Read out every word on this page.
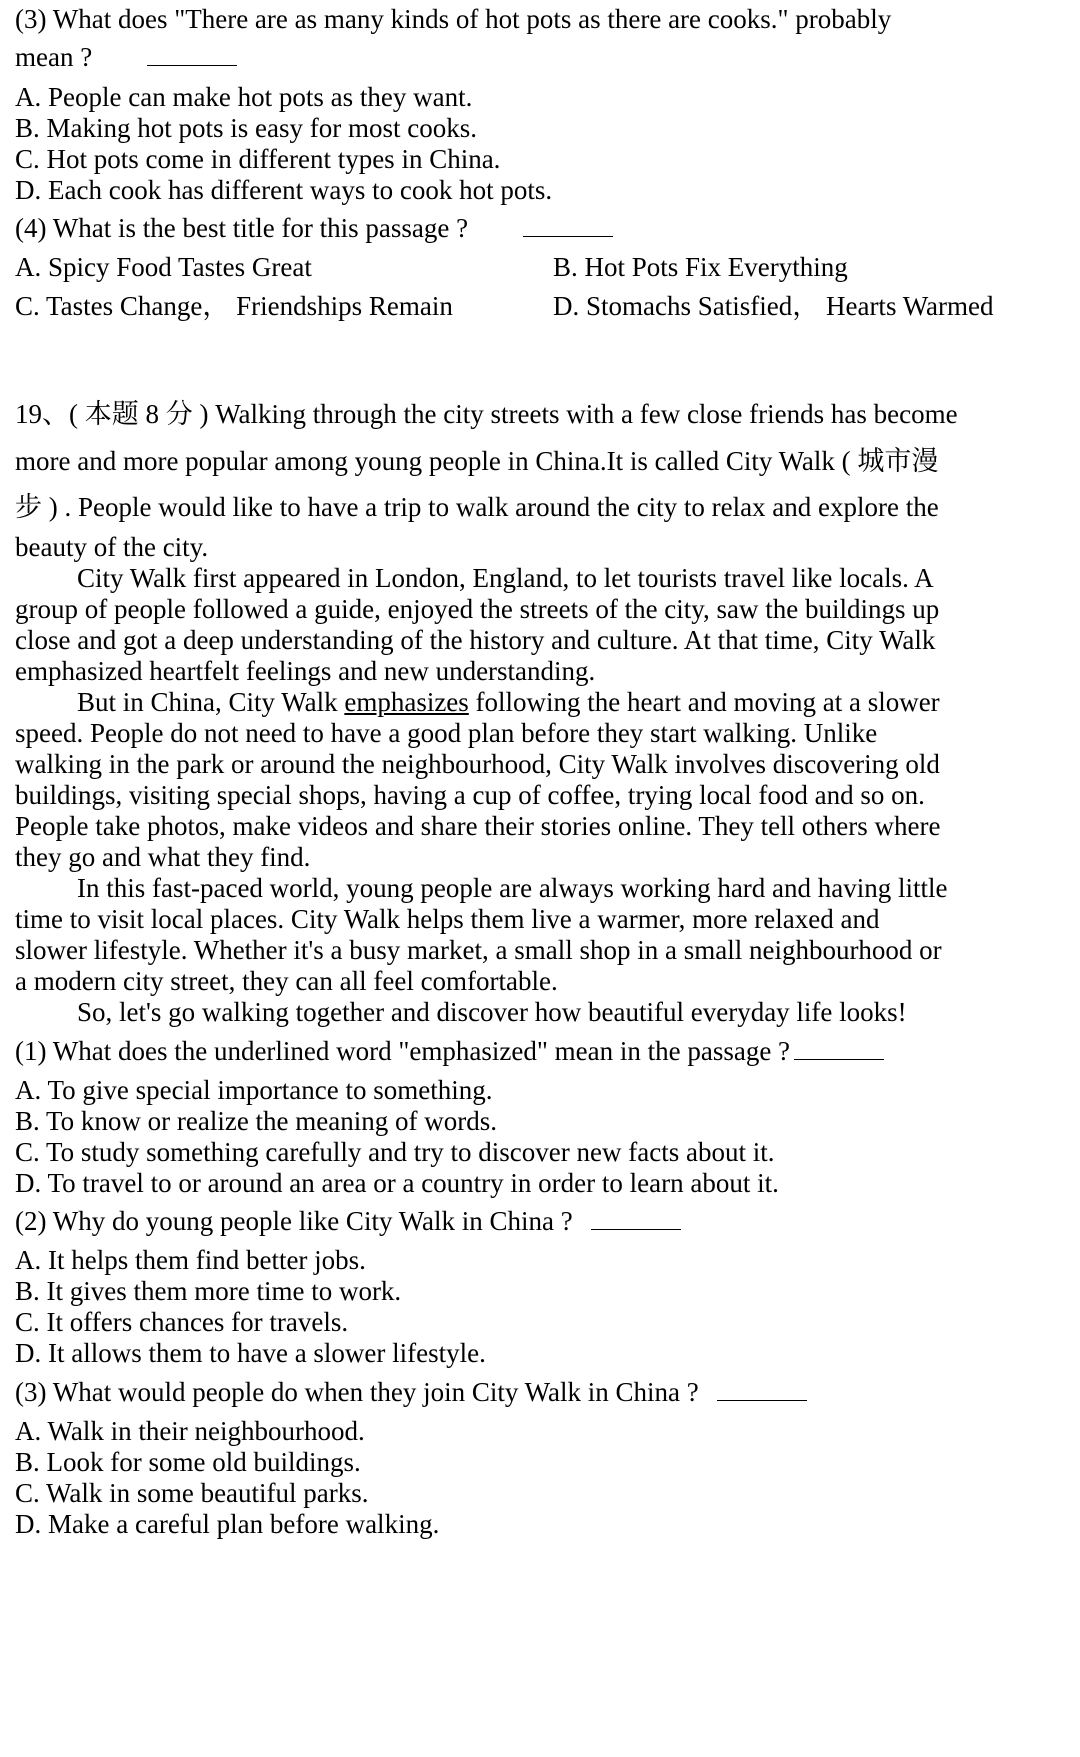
(3) What does "There are as many kinds of hot pots as there are cooks." probably
mean ?
A. People can make hot pots as they want.
B. Making hot pots is easy for most cooks.
C. Hot pots come in different types in China.
D. Each cook has different ways to cook hot pots.
(4) What is the best title for this passage ?
A. Spicy Food Tastes Great	B. Hot Pots Fix Everything
C. Tastes Change， Friendships Remain	D. Stomachs Satisfied， Hearts Warmed
19、( 本题 8 分 ) Walking through the city streets with a few close friends has become
more and more popular among young people in China.It is called City Walk ( 城市漫
步 ) . People would like to have a trip to walk around the city to relax and explore the
beauty of the city.
City Walk first appeared in London, England, to let tourists travel like locals. A
group of people followed a guide, enjoyed the streets of the city, saw the buildings up
close and got a deep understanding of the history and culture. At that time, City Walk
emphasized heartfelt feelings and new understanding.
But in China, City Walk emphasizes following the heart and moving at a slower
speed. People do not need to have a good plan before they start walking. Unlike
walking in the park or around the neighbourhood, City Walk involves discovering old
buildings, visiting special shops, having a cup of coffee, trying local food and so on.
People take photos, make videos and share their stories online. They tell others where
they go and what they find.
In this fast-paced world, young people are always working hard and having little
time to visit local places. City Walk helps them live a warmer, more relaxed and
slower lifestyle. Whether it's a busy market, a small shop in a small neighbourhood or
a modern city street, they can all feel comfortable.
So, let's go walking together and discover how beautiful everyday life looks!
(1) What does the underlined word "emphasized" mean in the passage ?
A. To give special importance to something.
B. To know or realize the meaning of words.
C. To study something carefully and try to discover new facts about it.
D. To travel to or around an area or a country in order to learn about it.
(2) Why do young people like City Walk in China ?
A. It helps them find better jobs.
B. It gives them more time to work.
C. It offers chances for travels.
D. It allows them to have a slower lifestyle.
(3) What would people do when they join City Walk in China ?
A. Walk in their neighbourhood.
B. Look for some old buildings.
C. Walk in some beautiful parks.
D. Make a careful plan before walking.
